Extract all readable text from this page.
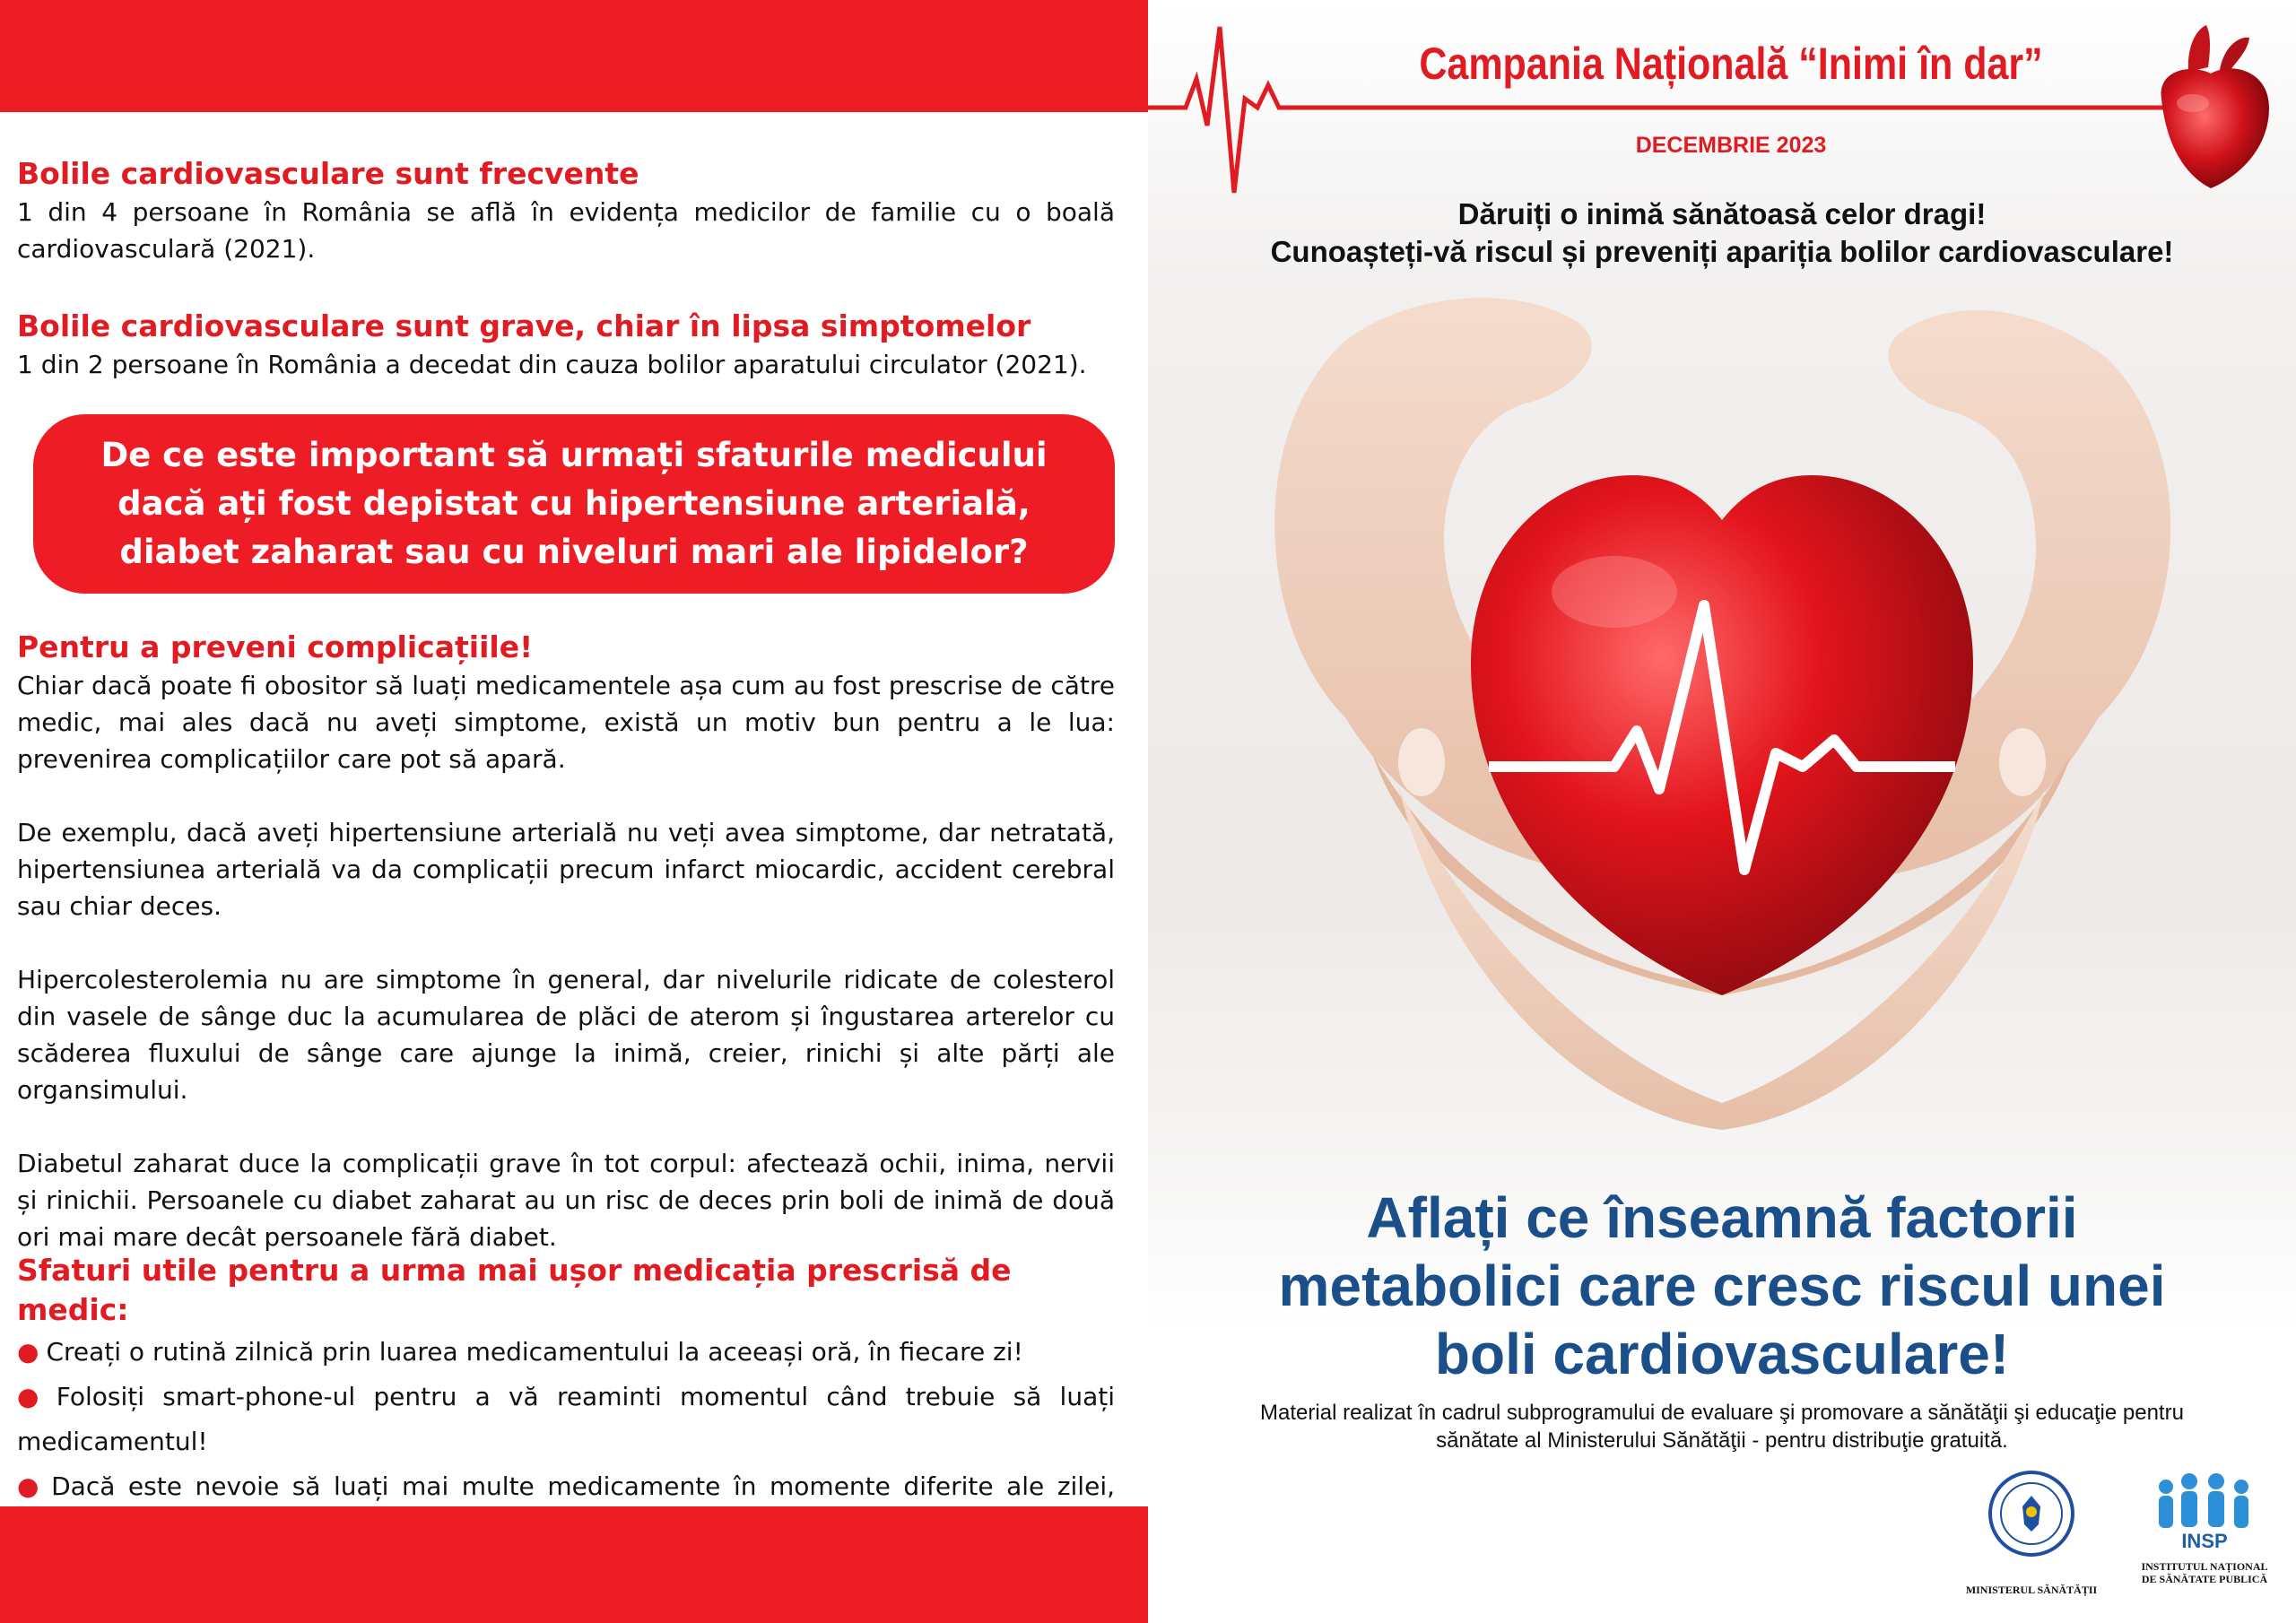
Bolile cardiovasculare sunt frecvente

1 din 4 persoane în România se află în evidența medicilor de familie cu o boală cardiovasculară (2021).

Bolile cardiovasculare sunt grave, chiar în lipsa simptomelor

1 din 2 persoane în România a decedat din cauza bolilor aparatului circulator (2021).

De ce este important să urmați sfaturile medicului
dacă ați fost depistat cu hipertensiune arterială,
diabet zaharat sau cu niveluri mari ale lipidelor?
Pentru a preveni complicațiile!

Chiar dacă poate fi obositor să luați medicamentele așa cum au fost prescrise de către medic, mai ales dacă nu aveți simptome, există un motiv bun pentru a le lua: prevenirea complicațiilor care pot să apară.

De exemplu, dacă aveți hipertensiune arterială nu veți avea simptome, dar netratată, hipertensiunea arterială va da complicații precum infarct miocardic, accident cerebral sau chiar deces.

Hipercolesterolemia nu are simptome în general, dar nivelurile ridicate de colesterol din vasele de sânge duc la acumularea de plăci de aterom și îngustarea arterelor cu scăderea fluxului de sânge care ajunge la inimă, creier, rinichi și alte părți ale organsimului.

Diabetul zaharat duce la complicații grave în tot corpul: afectează ochii, inima, nervii și rinichii. Persoanele cu diabet zaharat au un risc de deces prin boli de inimă de două ori mai mare decât persoanele fără diabet.

Sfaturi utile pentru a urma mai ușor medicația prescrisă de medic:

● Creați o rutină zilnică prin luarea medicamentului la aceeași oră, în fiecare zi!

● Folosiți smart-phone-ul pentru a vă reaminti momentul când trebuie să luați medicamentul!

● Dacă este nevoie să luați mai multe medicamente în momente diferite ale zilei,

Campania Națională “Inimi în dar”
DECEMBRIE 2023
Dăruiți o inimă sănătoasă celor dragi!
Cunoașteți-vă riscul și preveniți apariția bolilor cardiovasculare!
Aflați ce înseamnă factorii
metabolici care cresc riscul unei
boli cardiovasculare!
Material realizat în cadrul subprogramului de evaluare şi promovare a sănătăţii şi educaţie pentru
sănătate al Ministerului Sănătăţii - pentru distribuţie gratuită.
MINISTERUL SĂNĂTĂȚII
INSP
INSTITUTUL NAȚIONAL
DE SĂNĂTATE PUBLICĂ
